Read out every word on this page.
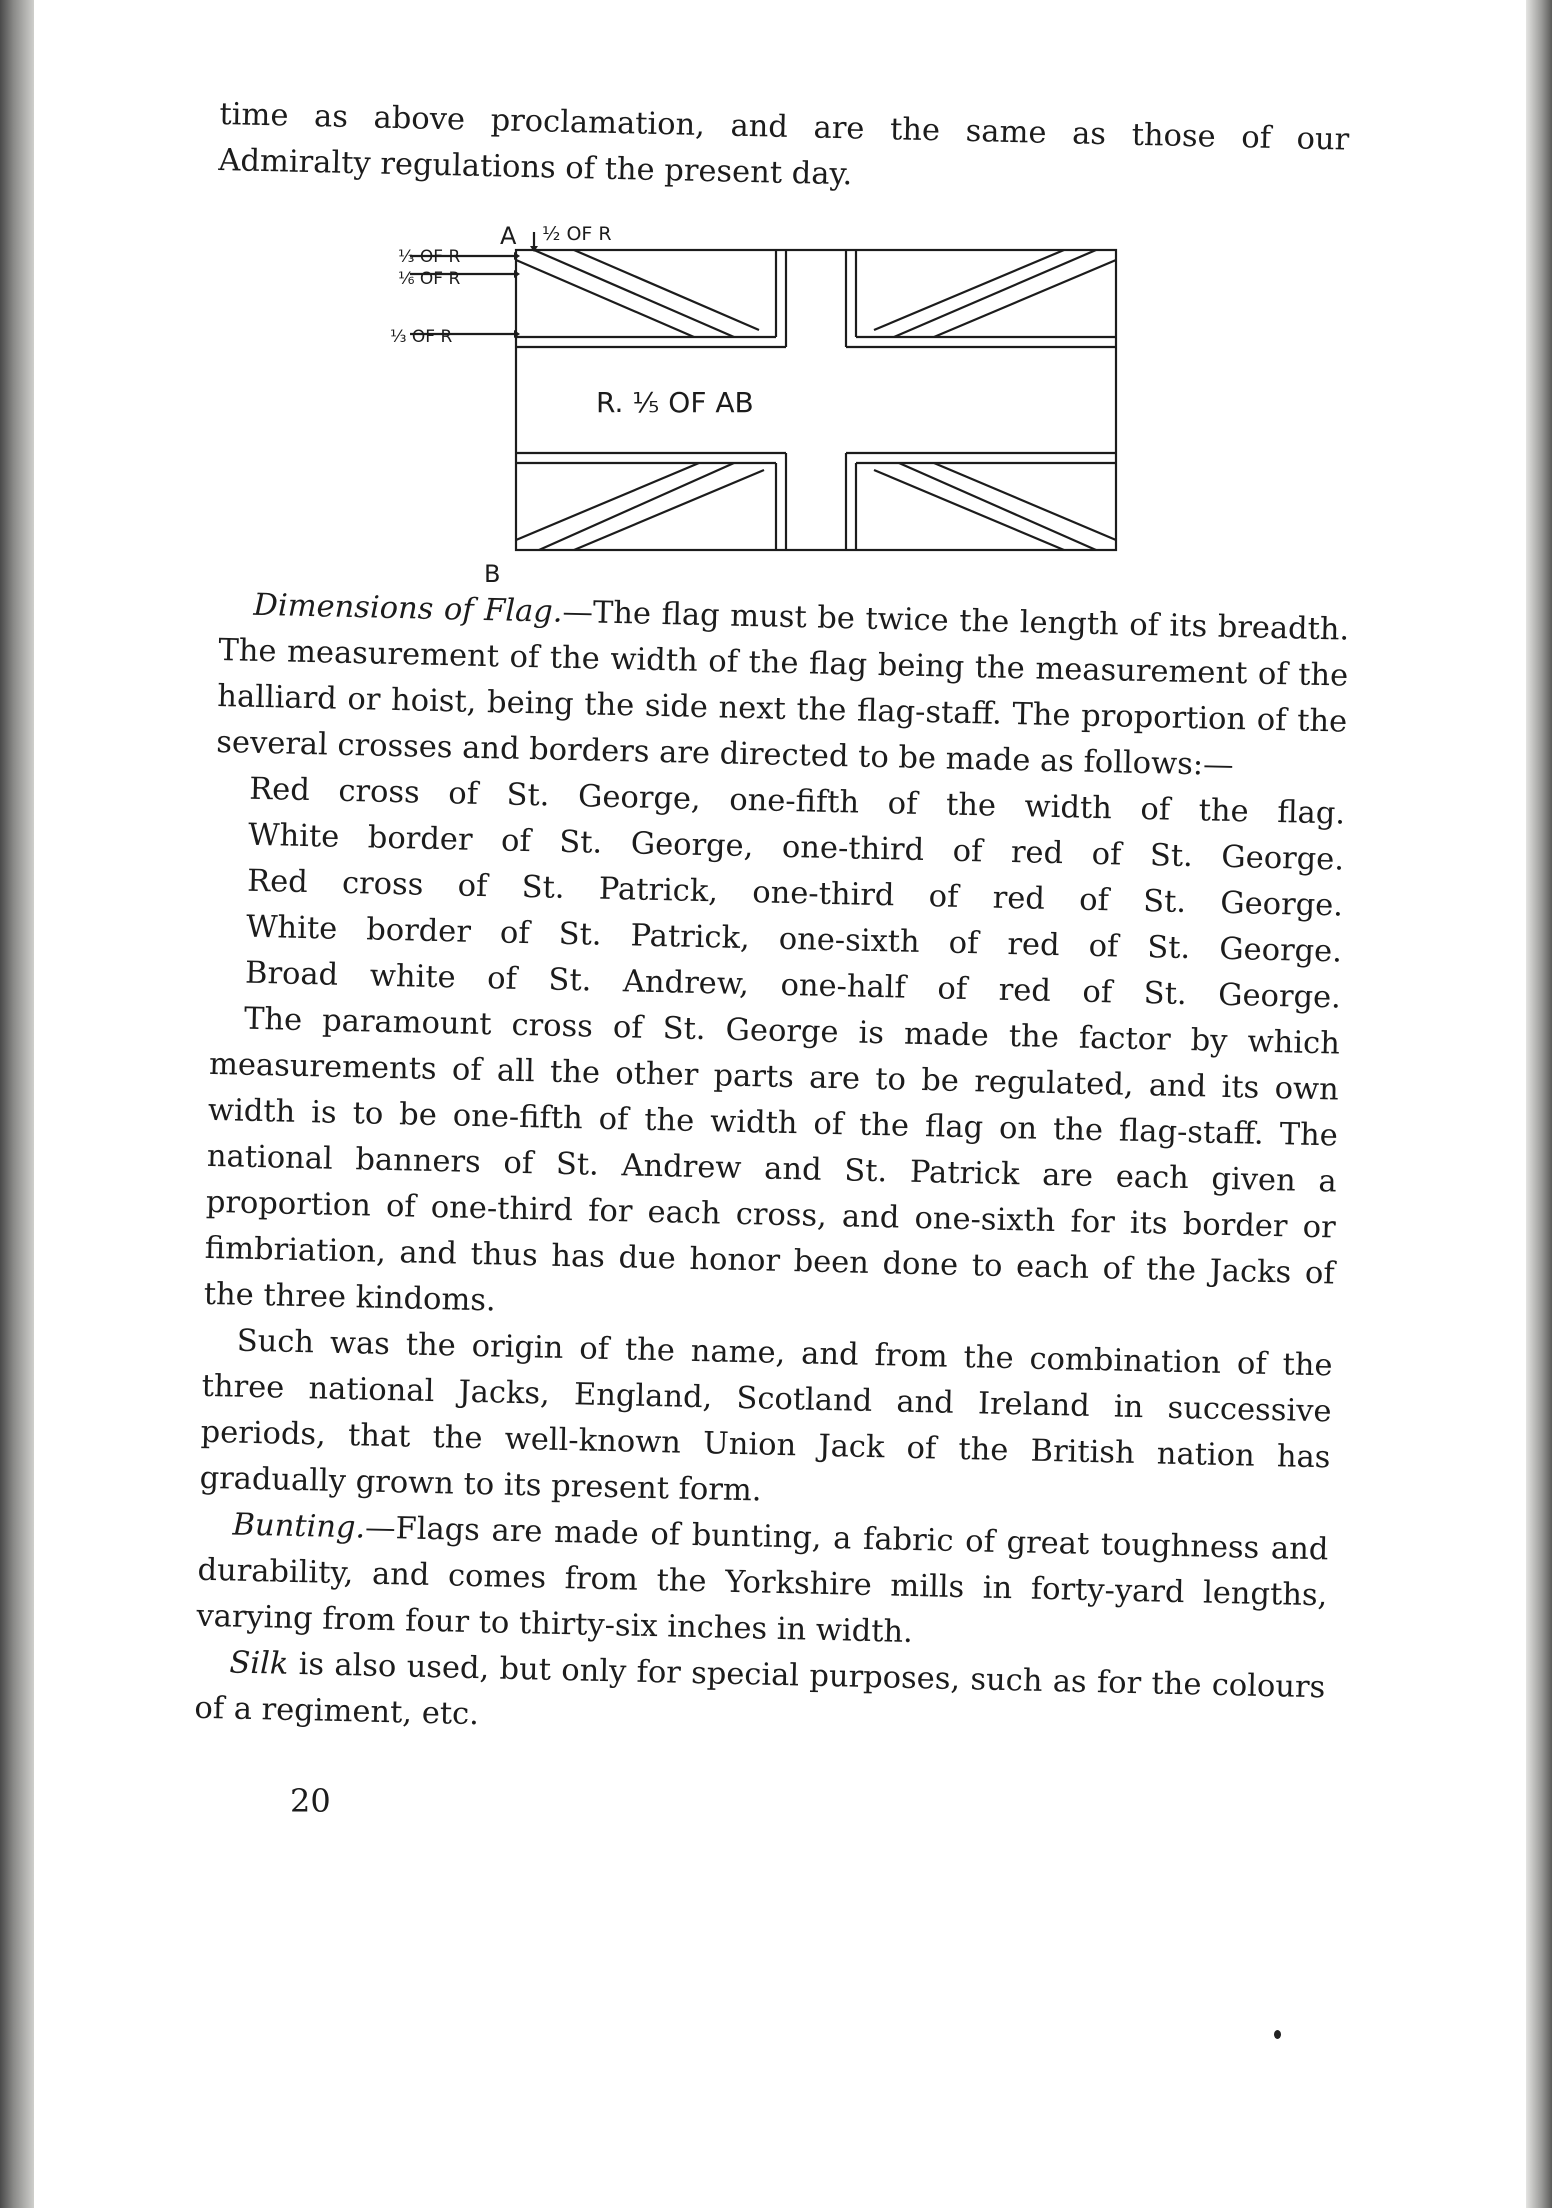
time as above proclamation, and are the same as those of our

Admiralty regulations of the present day.

A
B
½ OF R
⅓ OF R
⅙ OF R
⅓ OF R
R. ⅕ OF AB

Dimensions of Flag.—The flag must be twice the length of its breadth. The measurement of the width of the flag being the measurement of the halliard or hoist, being the side next the flag-staff. The proportion of the several crosses and borders are directed to be made as follows:—

Red cross of St. George, one-fifth of the width of the flag.

White border of St. George, one-third of red of St. George.

Red cross of St. Patrick, one-third of red of St. George.

White border of St. Patrick, one-sixth of red of St. George.

Broad white of St. Andrew, one-half of red of St. George.

The paramount cross of St. George is made the factor by which measurements of all the other parts are to be regulated, and its own width is to be one-fifth of the width of the flag on the flag-staff. The national banners of St. Andrew and St. Patrick are each given a proportion of one-third for each cross, and one-sixth for its border or fimbriation, and thus has due honor been done to each of the Jacks of the three kindoms.

Such was the origin of the name, and from the combination of the three national Jacks, England, Scotland and Ireland in successive periods, that the well-known Union Jack of the British nation has gradually grown to its present form.

Bunting.—Flags are made of bunting, a fabric of great toughness and durability, and comes from the Yorkshire mills in forty-yard lengths, varying from four to thirty-six inches in width.

Silk is also used, but only for special purposes, such as for the colours of a regiment, etc.

20
